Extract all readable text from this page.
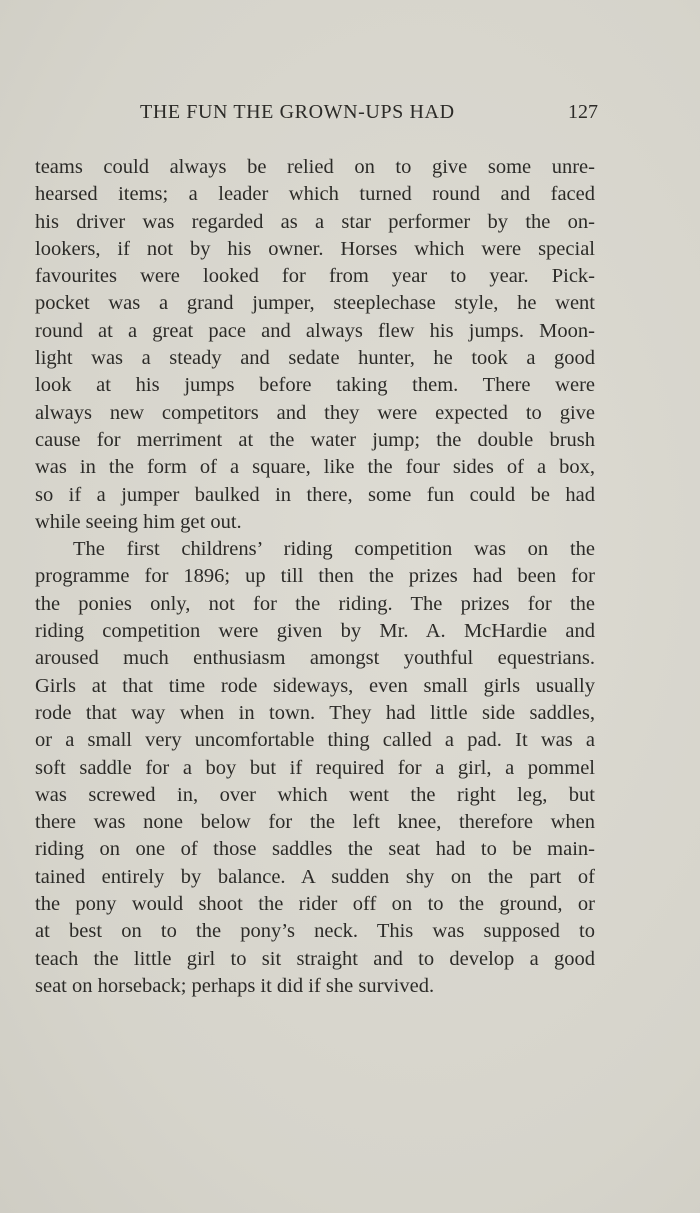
THE FUN THE GROWN-UPS HAD	127
teams could always be relied on to give some unre-
hearsed items; a leader which turned round and faced
his driver was regarded as a star performer by the on-
lookers, if not by his owner. Horses which were special
favourites were looked for from year to year. Pick-
pocket was a grand jumper, steeplechase style, he went
round at a great pace and always flew his jumps. Moon-
light was a steady and sedate hunter, he took a good
look at his jumps before taking them. There were
always new competitors and they were expected to give
cause for merriment at the water jump; the double brush
was in the form of a square, like the four sides of a box,
so if a jumper baulked in there, some fun could be had
while seeing him get out.
The first childrens’ riding competition was on the
programme for 1896; up till then the prizes had been for
the ponies only, not for the riding. The prizes for the
riding competition were given by Mr. A. McHardie and
aroused much enthusiasm amongst youthful equestrians.
Girls at that time rode sideways, even small girls usually
rode that way when in town. They had little side saddles,
or a small very uncomfortable thing called a pad. It was a
soft saddle for a boy but if required for a girl, a pommel
was screwed in, over which went the right leg, but
there was none below for the left knee, therefore when
riding on one of those saddles the seat had to be main-
tained entirely by balance. A sudden shy on the part of
the pony would shoot the rider off on to the ground, or
at best on to the pony’s neck. This was supposed to
teach the little girl to sit straight and to develop a good
seat on horseback; perhaps it did if she survived.
